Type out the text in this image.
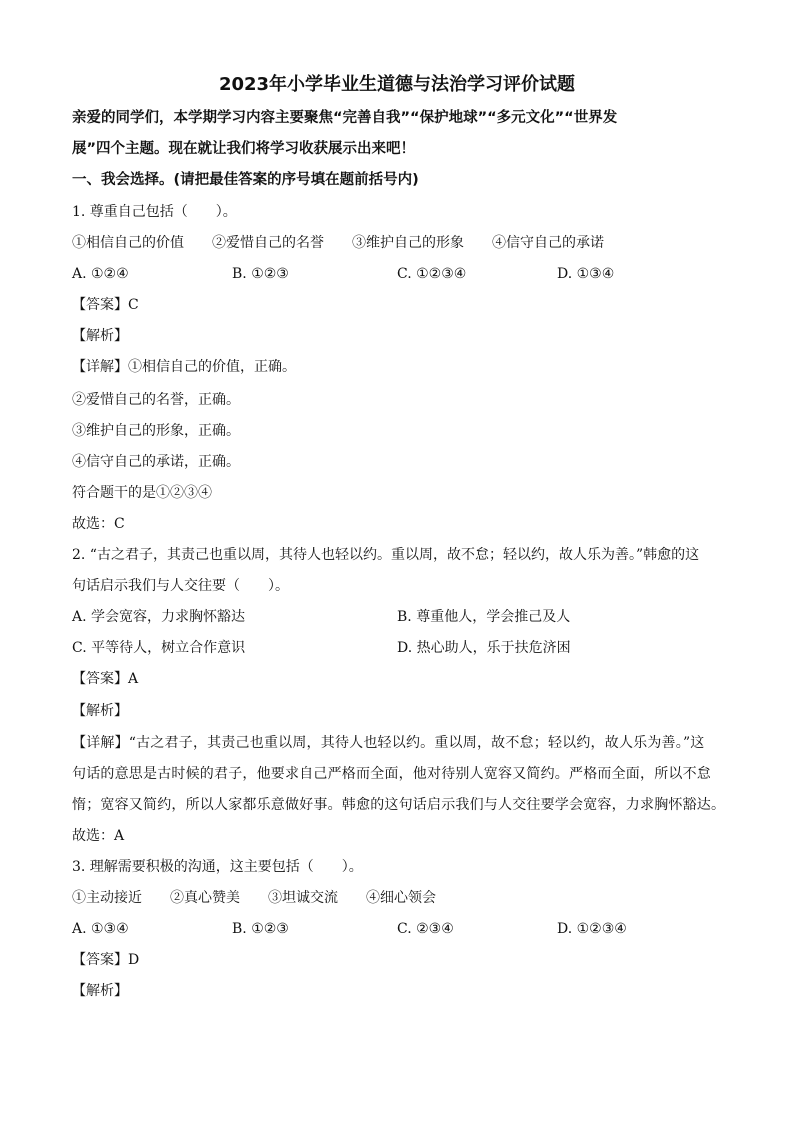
2023年小学毕业生道德与法治学习评价试题
亲爱的同学们，本学期学习内容主要聚焦“完善自我”“保护地球”“多元文化”“世界发
展”四个主题。现在就让我们将学习收获展示出来吧！
一、我会选择。(请把最佳答案的序号填在题前括号内)
1. 尊重自己包括（　　）。
①相信自己的价值　　②爱惜自己的名誉　　③维护自己的形象　　④信守自己的承诺
A. ①②④	B. ①②③	C. ①②③④	D. ①③④
【答案】C
【解析】
【详解】①相信自己的价值，正确。
②爱惜自己的名誉，正确。
③维护自己的形象，正确。
④信守自己的承诺，正确。
符合题干的是①②③④
故选：C
2. “古之君子，其责己也重以周，其待人也轻以约。重以周，故不怠；轻以约，故人乐为善。”韩愈的这
句话启示我们与人交往要（　　）。
A. 学会宽容，力求胸怀豁达	B. 尊重他人，学会推己及人
C. 平等待人，树立合作意识	D. 热心助人，乐于扶危济困
【答案】A
【解析】
【详解】“古之君子，其责己也重以周，其待人也轻以约。重以周，故不怠；轻以约，故人乐为善。”这
句话的意思是古时候的君子，他要求自己严格而全面，他对待别人宽容又简约。严格而全面，所以不怠
惰；宽容又简约，所以人家都乐意做好事。韩愈的这句话启示我们与人交往要学会宽容，力求胸怀豁达。
故选：A
3. 理解需要积极的沟通，这主要包括（　　）。
①主动接近　　②真心赞美　　③坦诚交流　　④细心领会
A. ①③④	B. ①②③	C. ②③④	D. ①②③④
【答案】D
【解析】
